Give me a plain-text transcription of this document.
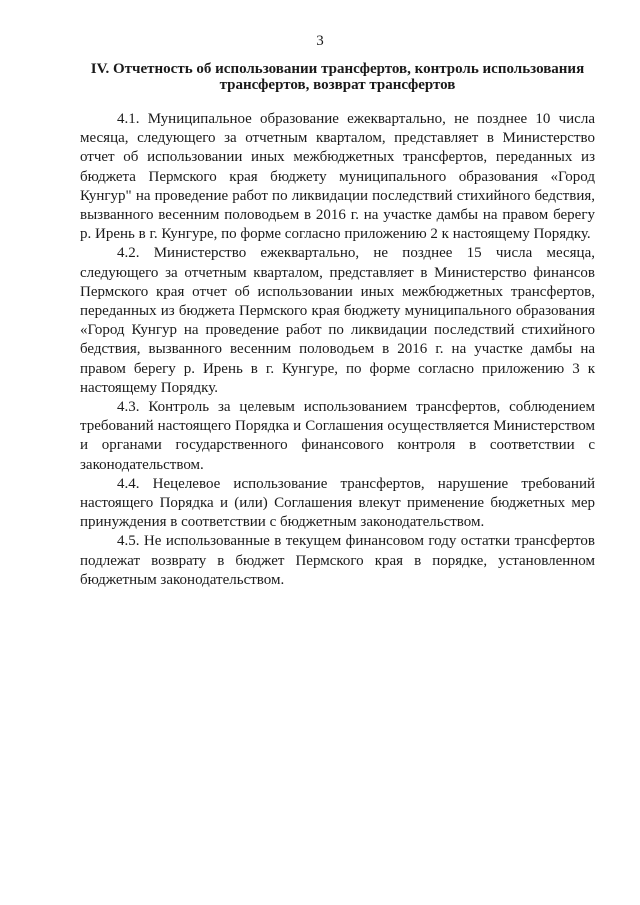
3
IV. Отчетность об использовании трансфертов, контроль использования трансфертов, возврат трансфертов

4.1. Муниципальное образование ежеквартально, не позднее 10 числа месяца, следующего за отчетным кварталом, представляет в Министерство отчет об использовании иных межбюджетных трансфертов, переданных из бюджета Пермского края бюджету муниципального образования «Город Кунгур" на проведение работ по ликвидации последствий стихийного бедствия, вызванного весенним половодьем в 2016 г. на участке дамбы на правом берегу р. Ирень в г. Кунгуре, по форме согласно приложению 2 к настоящему Порядку.

4.2. Министерство ежеквартально, не позднее 15 числа месяца, следующего за отчетным кварталом, представляет в Министерство финансов Пермского края отчет об использовании иных межбюджетных трансфертов, переданных из бюджета Пермского края бюджету муниципального образования «Город Кунгур на проведение работ по ликвидации последствий стихийного бедствия, вызванного весенним половодьем в 2016 г. на участке дамбы на правом берегу р. Ирень в г. Кунгуре, по форме согласно приложению 3 к настоящему Порядку.

4.3. Контроль за целевым использованием трансфертов, соблюдением требований настоящего Порядка и Соглашения осуществляется Министерством и органами государственного финансового контроля в соответствии с законодательством.

4.4. Нецелевое использование трансфертов, нарушение требований настоящего Порядка и (или) Соглашения влекут применение бюджетных мер принуждения в соответствии с бюджетным законодательством.

4.5. Не использованные в текущем финансовом году остатки трансфертов подлежат возврату в бюджет Пермского края в порядке, установленном бюджетным законодательством.
